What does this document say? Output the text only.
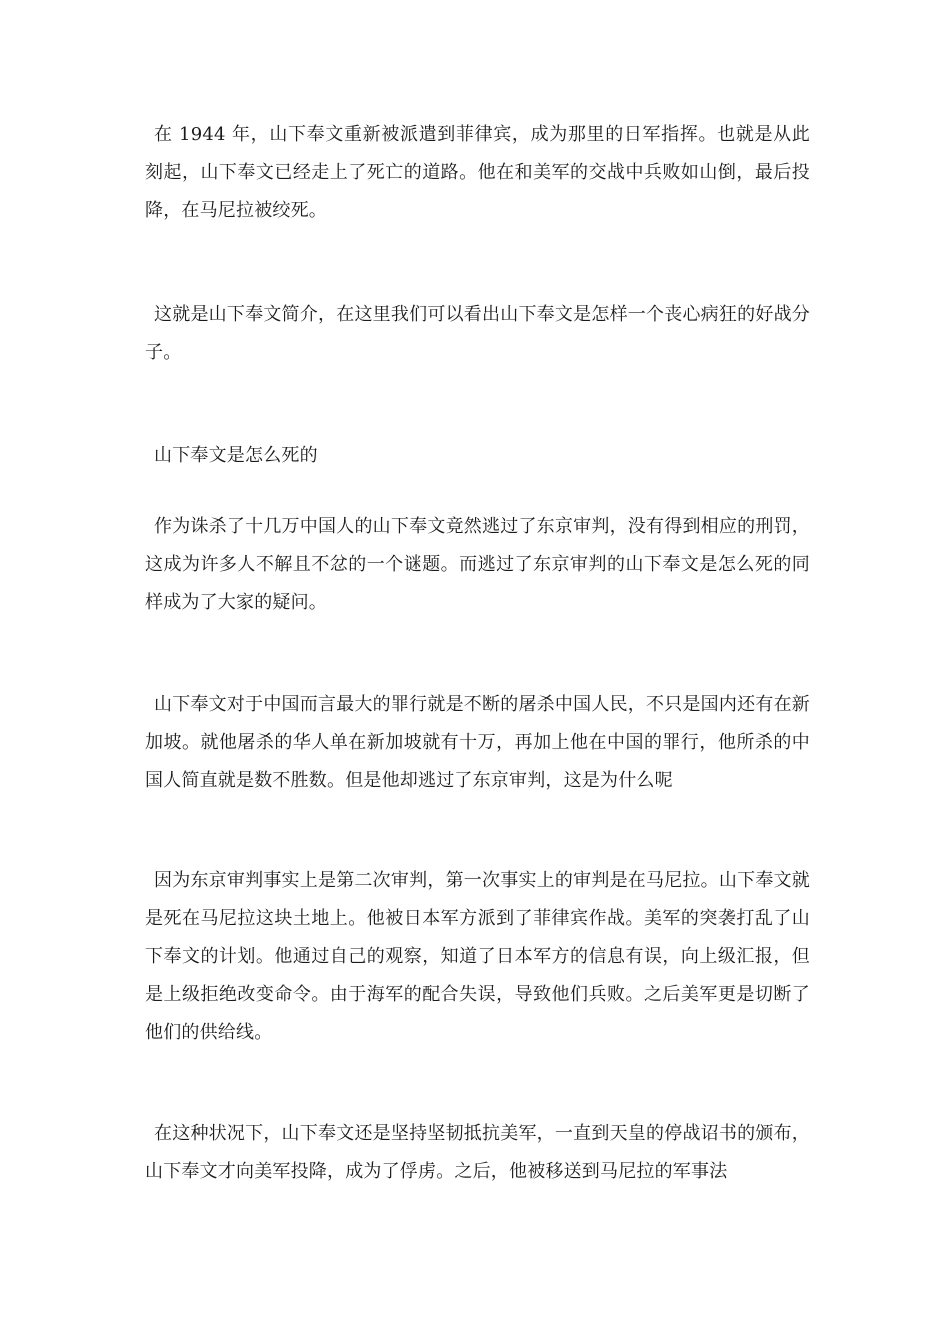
在 1944 年，山下奉文重新被派遣到菲律宾，成为那里的日军指挥。也就是从此刻起，山下奉文已经走上了死亡的道路。他在和美军的交战中兵败如山倒，最后投降，在马尼拉被绞死。

这就是山下奉文简介，在这里我们可以看出山下奉文是怎样一个丧心病狂的好战分子。

山下奉文是怎么死的

作为诛杀了十几万中国人的山下奉文竟然逃过了东京审判，没有得到相应的刑罚，这成为许多人不解且不忿的一个谜题。而逃过了东京审判的山下奉文是怎么死的同样成为了大家的疑问。

山下奉文对于中国而言最大的罪行就是不断的屠杀中国人民，不只是国内还有在新加坡。就他屠杀的华人单在新加坡就有十万，再加上他在中国的罪行，他所杀的中国人简直就是数不胜数。但是他却逃过了东京审判，这是为什么呢

因为东京审判事实上是第二次审判，第一次事实上的审判是在马尼拉。山下奉文就是死在马尼拉这块土地上。他被日本军方派到了菲律宾作战。美军的突袭打乱了山下奉文的计划。他通过自己的观察，知道了日本军方的信息有误，向上级汇报，但是上级拒绝改变命令。由于海军的配合失误，导致他们兵败。之后美军更是切断了他们的供给线。

在这种状况下，山下奉文还是坚持坚韧抵抗美军，一直到天皇的停战诏书的颁布，山下奉文才向美军投降，成为了俘虏。之后，他被移送到马尼拉的军事法
